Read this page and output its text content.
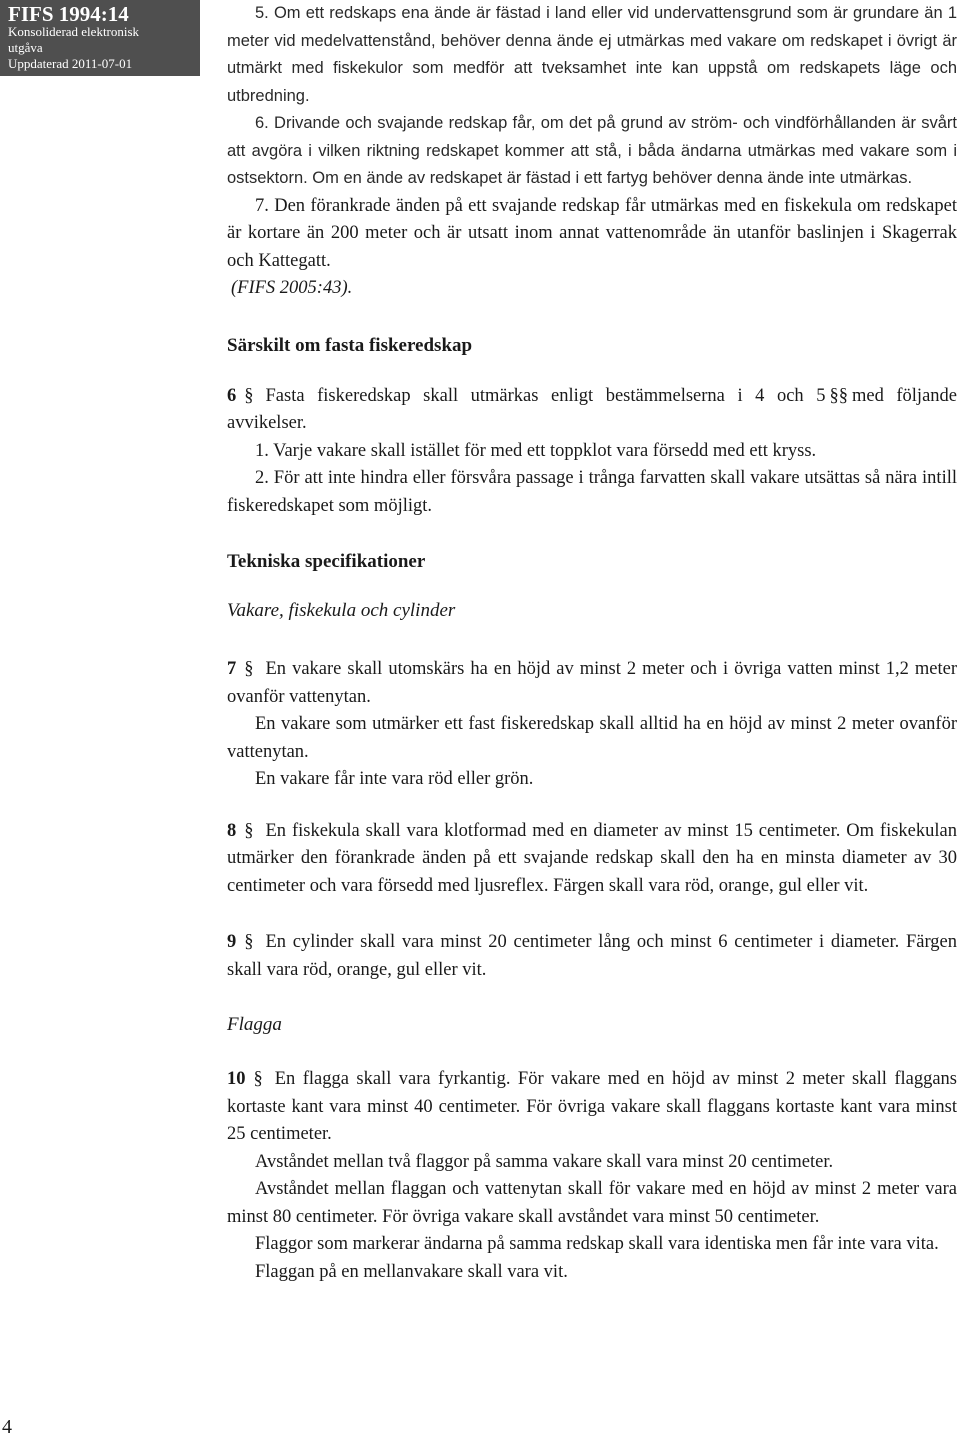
FIFS 1994:14
Konsoliderad elektronisk
utgåva
Uppdaterad 2011-07-01
4

5. Om ett redskaps ena ände är fästad i land eller vid undervattensgrund som är grundare än 1 meter vid medelvattenstånd, behöver denna ände ej utmärkas med vakare om redskapet i övrigt är utmärkt med fiskekulor som medför att tveksamhet inte kan uppstå om redskapets läge och utbredning.

6. Drivande och svajande redskap får, om det på grund av ström- och vindförhållanden är svårt att avgöra i vilken riktning redskapet kommer att stå, i båda ändarna utmärkas med vakare som i ostsektorn. Om en ände av redskapet är fästad i ett fartyg behöver denna ände inte utmärkas.

7. Den förankrade änden på ett svajande redskap får utmärkas med en fiskekula om redskapet är kortare än 200 meter och är utsatt inom annat vattenområde än utanför baslinjen i Skagerrak och Kattegatt.

(FIFS 2005:43).

Särskilt om fasta fiskeredskap

6 § Fasta fiskeredskap skall utmärkas enligt bestämmelserna i 4 och 5 §§ med följande avvikelser.

1. Varje vakare skall istället för med ett toppklot vara försedd med ett kryss.

2. För att inte hindra eller försvåra passage i trånga farvatten skall vakare utsättas så nära intill fiskeredskapet som möjligt.

Tekniska specifikationer
Vakare, fiskekula och cylinder

7 § En vakare skall utomskärs ha en höjd av minst 2 meter och i övriga vatten minst 1,2 meter ovanför vattenytan.

En vakare som utmärker ett fast fiskeredskap skall alltid ha en höjd av minst 2 meter ovanför vattenytan.

En vakare får inte vara röd eller grön.

8 § En fiskekula skall vara klotformad med en diameter av minst 15 centimeter. Om fiskekulan utmärker den förankrade änden på ett svajande redskap skall den ha en minsta diameter av 30 centimeter och vara försedd med ljusreflex. Färgen skall vara röd, orange, gul eller vit.

9 § En cylinder skall vara minst 20 centimeter lång och minst 6 centimeter i diameter. Färgen skall vara röd, orange, gul eller vit.

Flagga

10 § En flagga skall vara fyrkantig. För vakare med en höjd av minst 2 meter skall flaggans kortaste kant vara minst 40 centimeter. För övriga vakare skall flaggans kortaste kant vara minst 25 centimeter.

Avståndet mellan två flaggor på samma vakare skall vara minst 20 centimeter.

Avståndet mellan flaggan och vattenytan skall för vakare med en höjd av minst 2 meter vara minst 80 centimeter. För övriga vakare skall avståndet vara minst 50 centimeter.

Flaggor som markerar ändarna på samma redskap skall vara identiska men får inte vara vita.

Flaggan på en mellanvakare skall vara vit.
